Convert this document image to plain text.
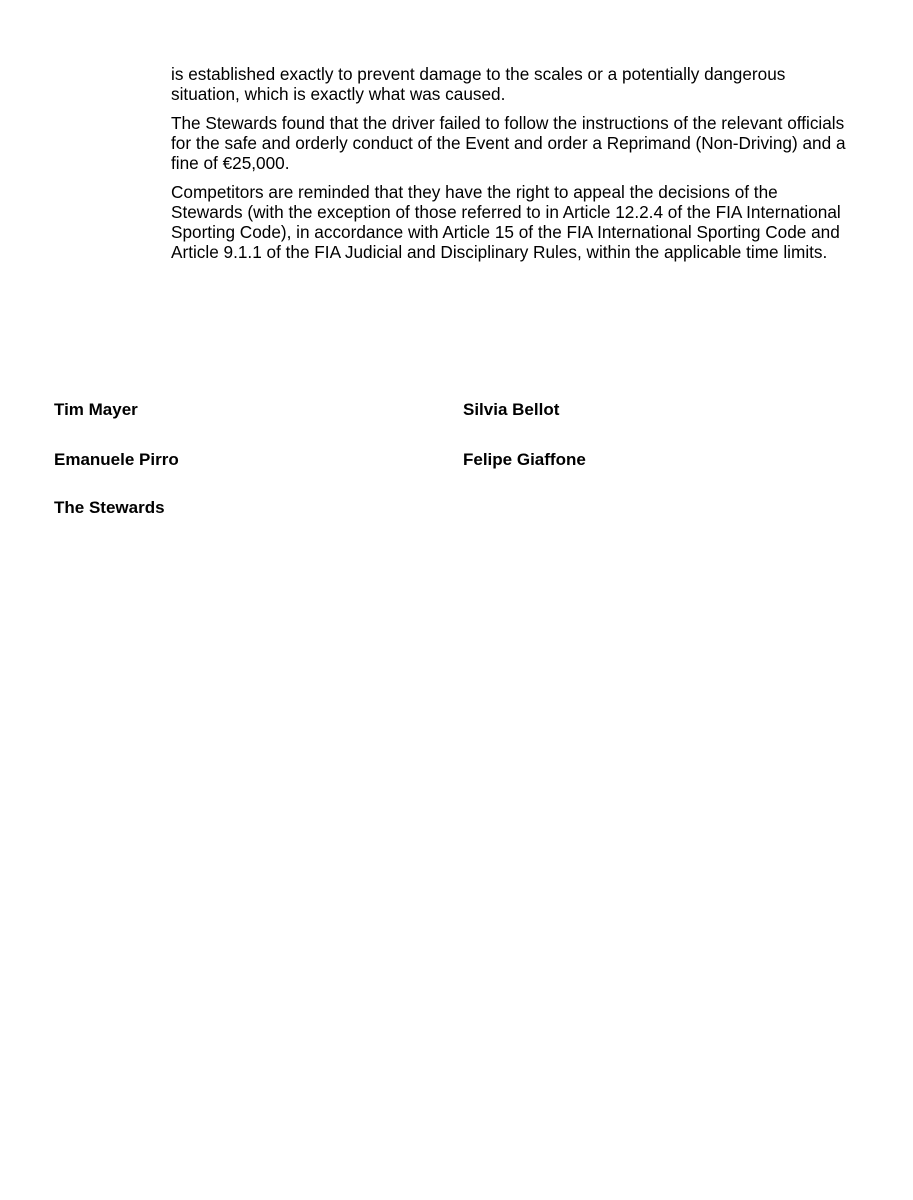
is established exactly to prevent damage to the scales or a potentially dangerous situation, which is exactly what was caused.

The Stewards found that the driver failed to follow the instructions of the relevant officials for the safe and orderly conduct of the Event and order a Reprimand (Non-Driving) and a fine of €25,000.

Competitors are reminded that they have the right to appeal the decisions of the Stewards (with the exception of those referred to in Article 12.2.4 of the FIA International Sporting Code), in accordance with Article 15 of the FIA International Sporting Code and Article 9.1.1 of the FIA Judicial and Disciplinary Rules, within the applicable time limits.

Tim Mayer	Silvia Bellot
Emanuele Pirro	Felipe Giaffone
The Stewards
